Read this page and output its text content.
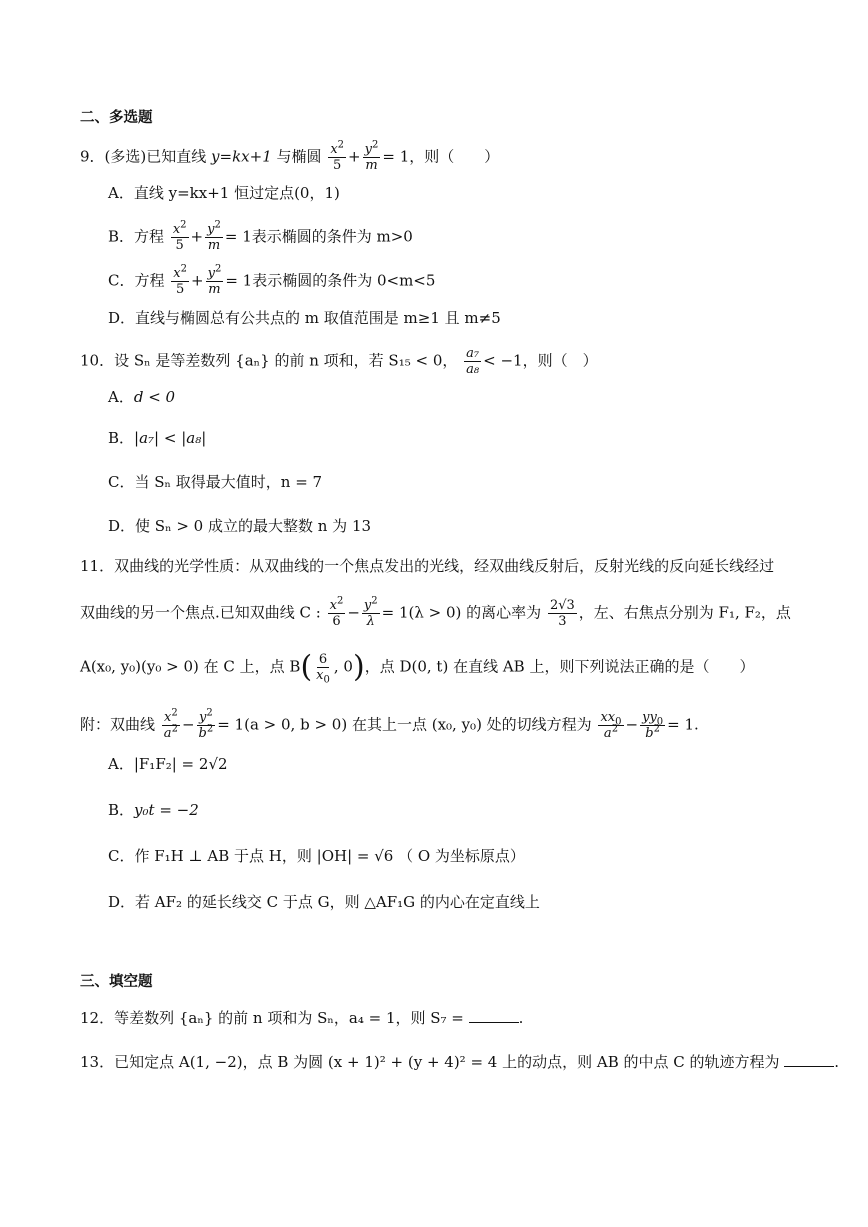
二、多选题
9．(多选)已知直线 y=kx+1 与椭圆 $\frac{x^2}{5} + \frac{y^2}{m} = 1$，则（　　）
A．直线 y=kx+1 恒过定点(0，1)
B．方程 $\frac{x^2}{5} + \frac{y^2}{m} = 1$表示椭圆的条件为 m>0
C．方程 $\frac{x^2}{5} + \frac{y^2}{m} = 1$表示椭圆的条件为 0<m<5
D．直线与椭圆总有公共点的 m 取值范围是 m≥1 且 m≠5
10．设 Sₙ 是等差数列 {aₙ} 的前 n 项和，若 S₁₅ < 0， $\frac{\text{a₇}}{\text{a₈}} < -1$，则（　）
A．d < 0
B．|a₇| < |a₈|
C．当 Sₙ 取得最大值时，n = 7
D．使 Sₙ > 0 成立的最大整数 n 为 13
11．双曲线的光学性质：从双曲线的一个焦点发出的光线，经双曲线反射后，反射光线的反向延长线经过
双曲线的另一个焦点.已知双曲线 C : $\frac{x^2}{6} - \frac{y^2}{\lambda} = 1(\lambda > 0)$ 的离心率为 $\frac{2√3}{3}$ ，左、右焦点分别为 F₁, F₂，点
A(x₀, y₀)(y₀ > 0) 在 C 上，点 $B( \frac{6}{x_0}$ , 0)，点 D(0, t) 在直线 AB 上，则下列说法正确的是（　　）
附：双曲线 $\frac{x^2}{a^2} - \frac{y^2}{b^2} = 1(a > 0$, b > 0) 在其上一点 (x₀, y₀) 处的切线方程为 $\frac{xx_0}{a^2} - \frac{yy_0}{b^2} = 1$.
A．|F₁F₂| = 2√2
B．y₀t = −2
C．作 F₁H ⊥ AB 于点 H，则 |OH| = √6 （ O 为坐标原点）
D．若 AF₂ 的延长线交 C 于点 G，则 △AF₁G 的内心在定直线上
三、填空题
12．等差数列 {aₙ} 的前 n 项和为 Sₙ，a₄ = 1，则 S₇ =	.
13．已知定点 A(1, −2)，点 B 为圆 (x + 1)² + (y + 4)² = 4 上的动点，则 AB 的中点 C 的轨迹方程为	.
